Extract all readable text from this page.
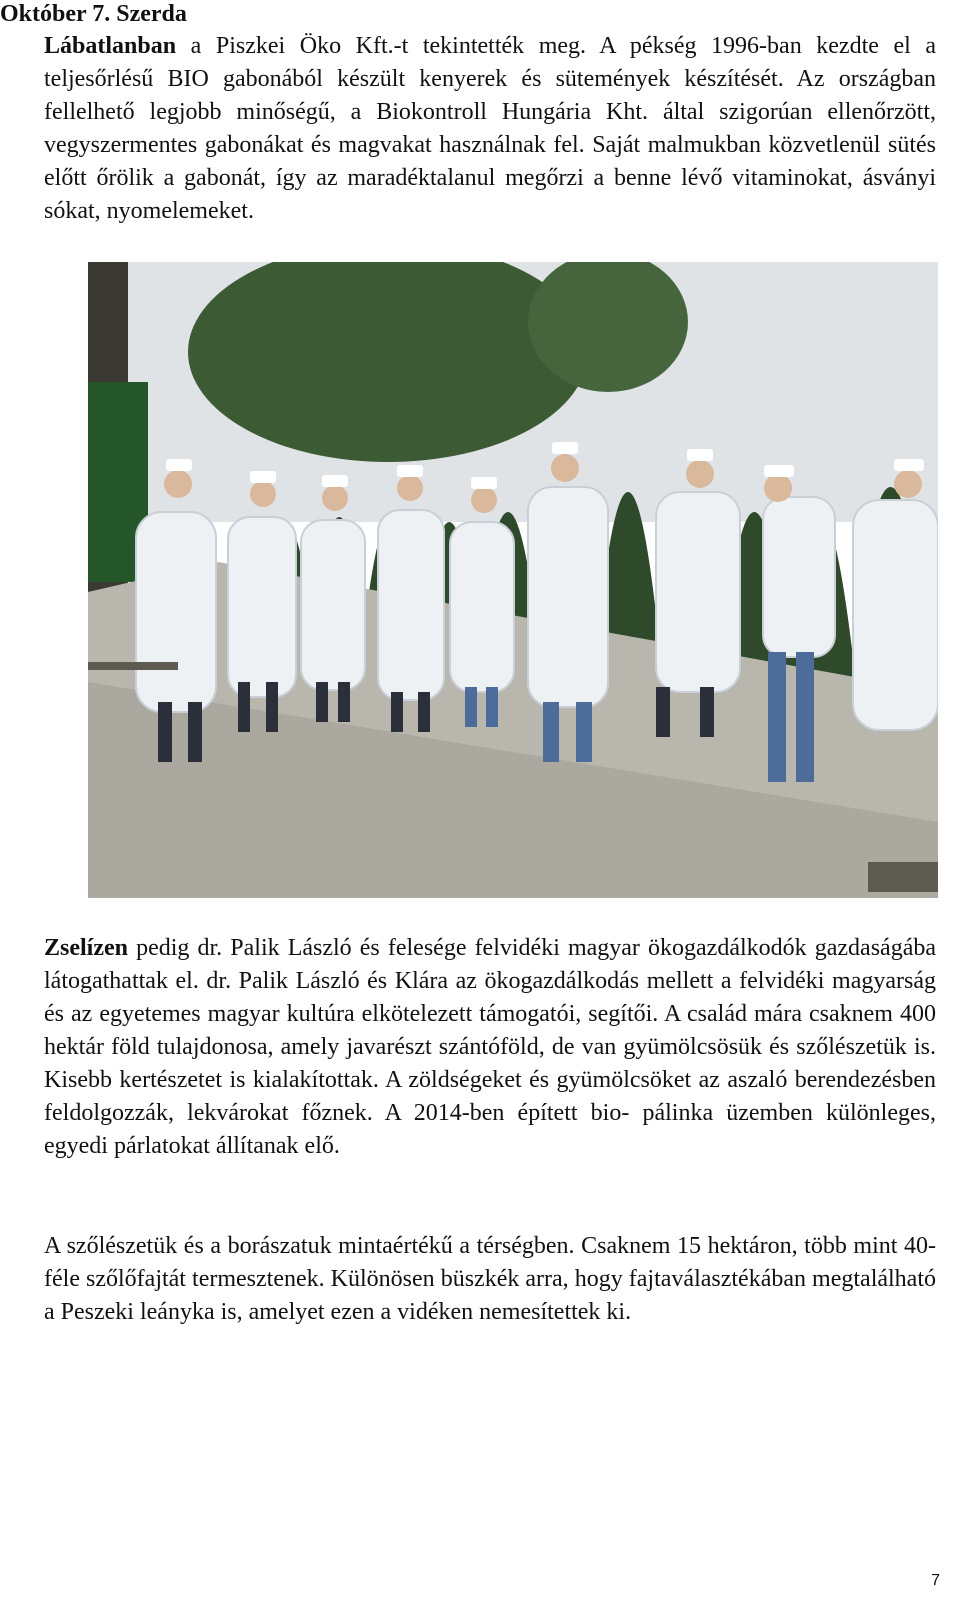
Október 7. Szerda

Lábatlanban a Piszkei Öko Kft.-t tekintették meg. A pékség 1996-ban kezdte el a teljesőrlésű BIO gabonából készült kenyerek és sütemények készítését. Az országban fellelhető legjobb minőségű, a Biokontroll Hungária Kht. által szigorúan ellenőrzött, vegyszermentes gabonákat és magvakat használnak fel. Saját malmukban közvetlenül sütés előtt őrölik a gabonát, így az maradéktalanul megőrzi a benne lévő vitaminokat, ásványi sókat, nyomelemeket.

Zselízen pedig dr. Palik László és felesége felvidéki magyar ökogazdálkodók gazdaságába látogathattak el. dr. Palik László és Klára az ökogazdálkodás mellett a felvidéki magyarság és az egyetemes magyar kultúra elkötelezett támogatói, segítői. A család mára csaknem 400 hektár föld tulajdonosa, amely javarészt szántóföld, de van gyümölcsösük és szőlészetük is. Kisebb kertészetet is kialakítottak. A zöldségeket és gyümölcsöket az aszaló berendezésben feldolgozzák, lekvárokat főznek. A 2014-ben épített bio- pálinka üzemben különleges, egyedi párlatokat állítanak elő.

A szőlészetük és a borászatuk mintaértékű a térségben. Csaknem 15 hektáron, több mint 40-féle szőlőfajtát termesztenek. Különösen büszkék arra, hogy fajtaválasztékában megtalálható a Peszeki leányka is, amelyet ezen a vidéken nemesítettek ki.

7
